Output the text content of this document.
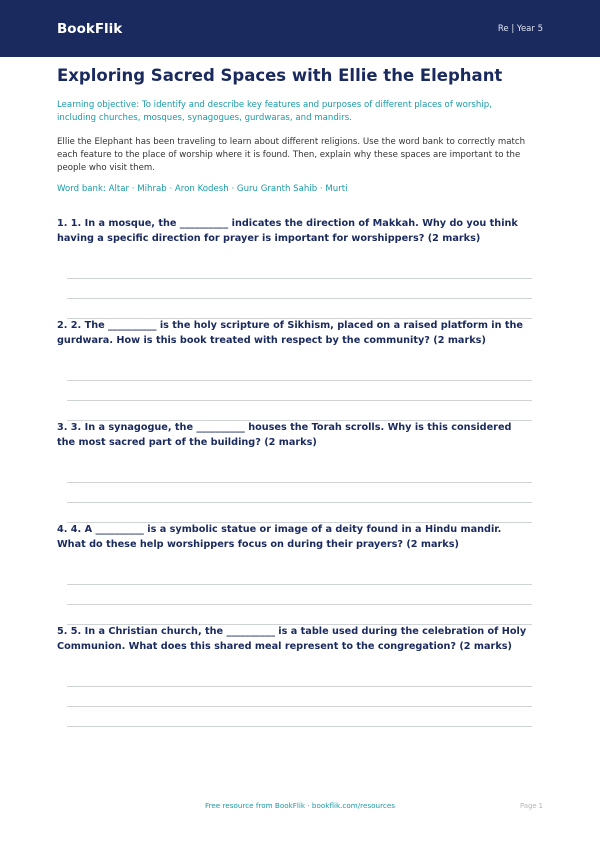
BookFlik	Re | Year 5
Exploring Sacred Spaces with Ellie the Elephant
Learning objective: To identify and describe key features and purposes of different places of worship, including churches, mosques, synagogues, gurdwaras, and mandirs.
Ellie the Elephant has been traveling to learn about different religions. Use the word bank to correctly match each feature to the place of worship where it is found. Then, explain why these spaces are important to the people who visit them.
Word bank: Altar · Mihrab · Aron Kodesh · Guru Granth Sahib · Murti
1. 1. In a mosque, the __________ indicates the direction of Makkah. Why do you think having a specific direction for prayer is important for worshippers? (2 marks)
2. 2. The __________ is the holy scripture of Sikhism, placed on a raised platform in the gurdwara. How is this book treated with respect by the community? (2 marks)
3. 3. In a synagogue, the __________ houses the Torah scrolls. Why is this considered the most sacred part of the building? (2 marks)
4. 4. A __________ is a symbolic statue or image of a deity found in a Hindu mandir. What do these help worshippers focus on during their prayers? (2 marks)
5. 5. In a Christian church, the __________ is a table used during the celebration of Holy Communion. What does this shared meal represent to the congregation? (2 marks)
Free resource from BookFlik · bookflik.com/resources	Page 1
